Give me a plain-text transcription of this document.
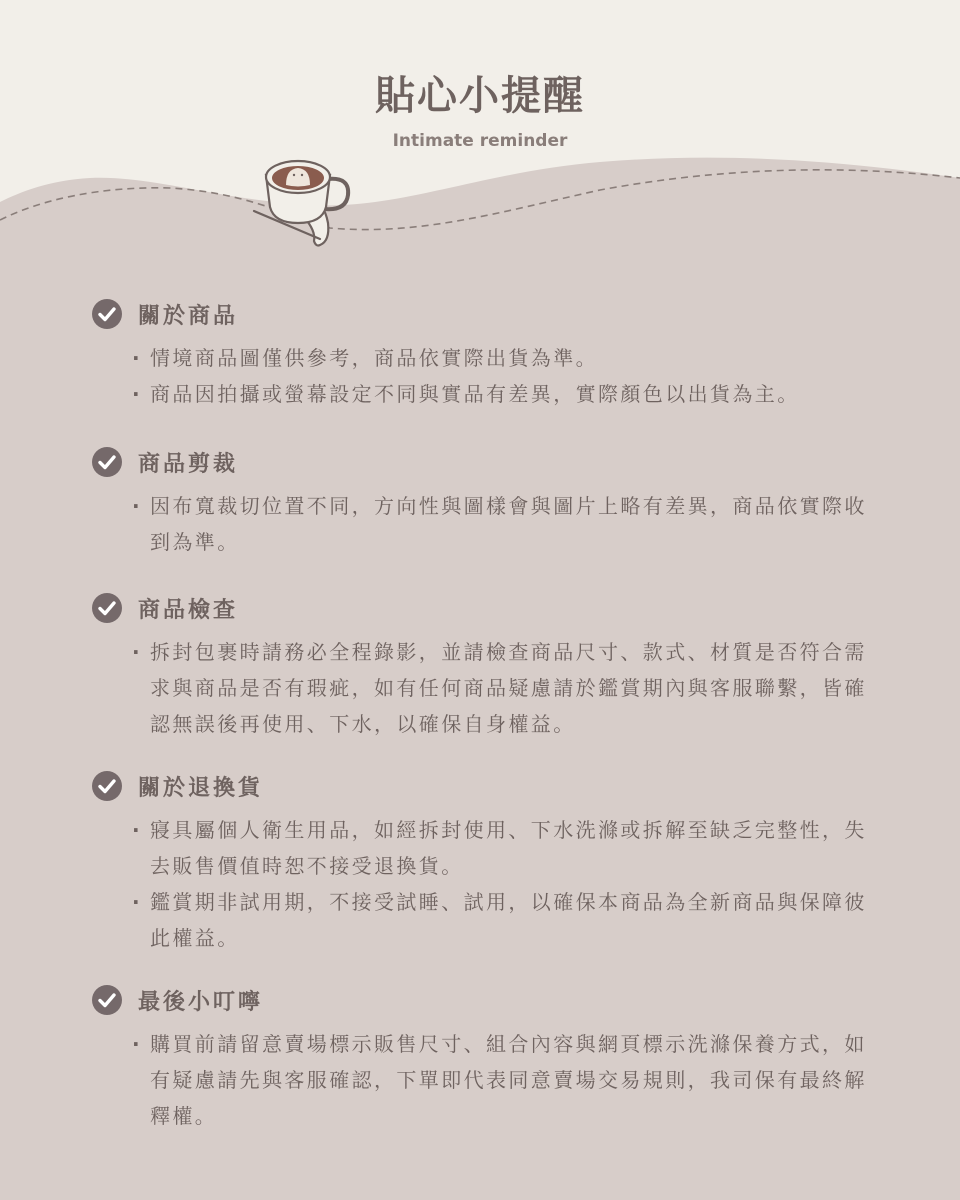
貼心小提醒
Intimate reminder
關於商品
· 情境商品圖僅供參考，商品依實際出貨為準。
· 商品因拍攝或螢幕設定不同與實品有差異，實際顏色以出貨為主。
商品剪裁
· 因布寬裁切位置不同，方向性與圖樣會與圖片上略有差異，商品依實際收到為準。
商品檢查
· 拆封包裹時請務必全程錄影，並請檢查商品尺寸、款式、材質是否符合需求與商品是否有瑕疵，如有任何商品疑慮請於鑑賞期內與客服聯繫，皆確認無誤後再使用、下水，以確保自身權益。
關於退換貨
· 寢具屬個人衛生用品，如經拆封使用、下水洗滌或拆解至缺乏完整性，失去販售價值時恕不接受退換貨。
· 鑑賞期非試用期，不接受試睡、試用，以確保本商品為全新商品與保障彼此權益。
最後小叮嚀
· 購買前請留意賣場標示販售尺寸、組合內容與網頁標示洗滌保養方式，如有疑慮請先與客服確認，下單即代表同意賣場交易規則，我司保有最終解釋權。
